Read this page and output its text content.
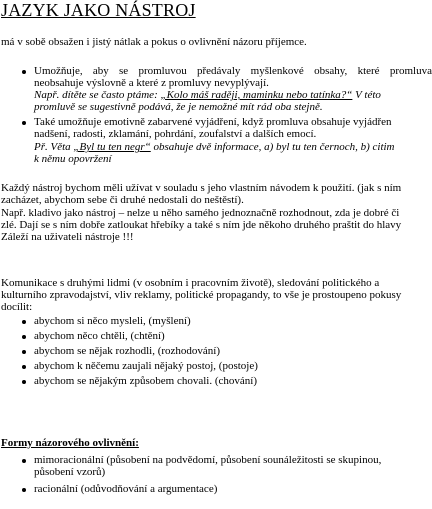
JAZYK JAKO NÁSTROJ
má v sobě obsažen i jistý nátlak a pokus o ovlivnění názoru příjemce.
Umožňuje, aby se promluvou předávaly myšlenkové obsahy, které promluva
neobsahuje výslovně a které z promluvy nevyplývají.
Např. dítěte se často ptáme: „Kolo máš raději, maminku nebo tatínka?“ V této
promluvě se sugestivně podává, že je nemožné mít rád oba stejně.
Také umožňuje emotivně zabarvené vyjádření, když promluva obsahuje vyjádřen
nadšení, radosti, zklamání, pohrdání, zoufalství a dalších emocí.
Př. Věta „Byl tu ten negr“ obsahuje dvě informace, a) byl tu ten černoch, b) citim
k němu opovržení
Každý nástroj bychom měli užívat v souladu s jeho vlastním návodem k použití. (jak s ním
zacházet, abychom sebe či druhé nedostali do neštěstí).
Např. kladivo jako nástroj – nelze u něho samého jednoznačně rozhodnout, zda je dobré či
zlé. Dají se s ním dobře zatloukat hřebíky a také s ním jde někoho druhého praštit do hlavy
Záleží na uživateli nástroje !!!
Komunikace s druhými lidmi (v osobním i pracovním životě), sledování politického a
kulturního zpravodajství, vliv reklamy, politické propagandy, to vše je prostoupeno pokusy
docílit:
abychom si něco mysleli, (myšlení)
abychom něco chtěli, (chtění)
abychom se nějak rozhodli, (rozhodování)
abychom k něčemu zaujali nějaký postoj, (postoje)
abychom se nějakým způsobem chovali. (chování)
Formy názorového ovlivnění:
mimoracionální (působení na podvědomí, působení sounáležitosti se skupinou,
působení vzorů)
racionální (odůvodňování a argumentace)
